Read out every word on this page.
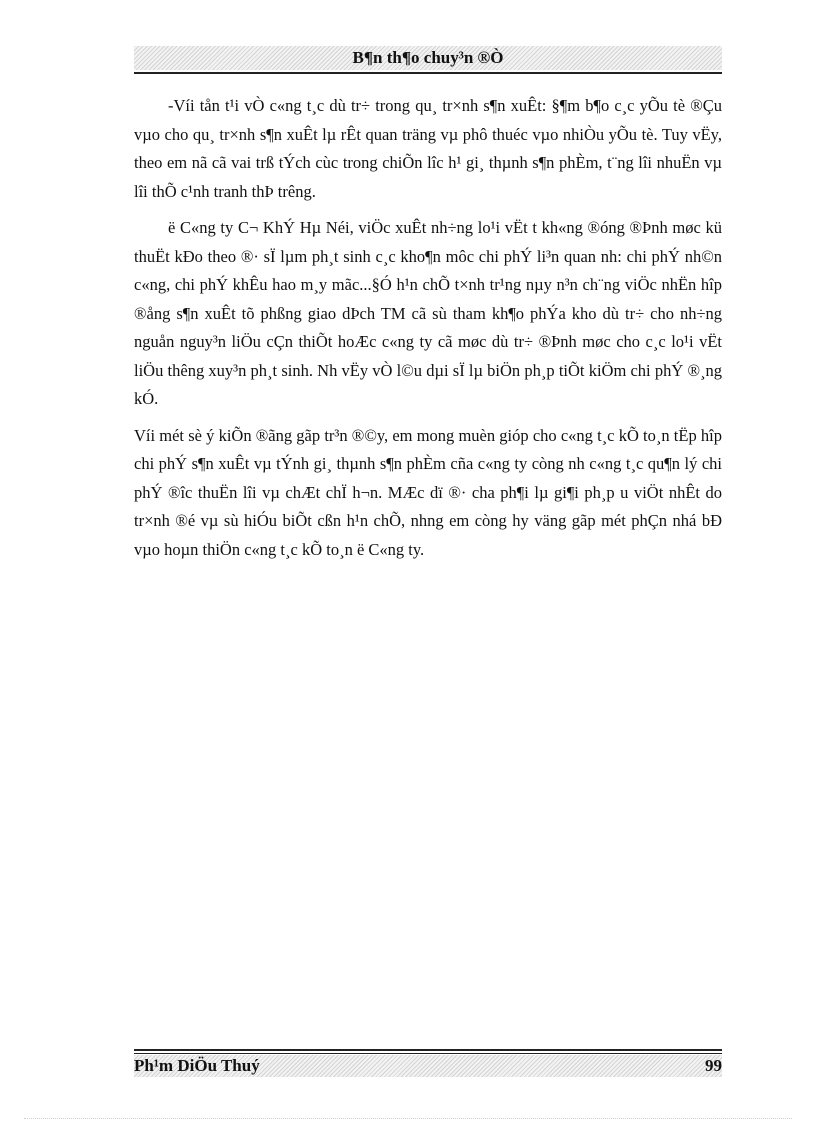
B¶n th¶o chuy³n ®Ò

-Víi tån t¹i vÒ c«ng t¸c dù tr÷ trong qu¸ tr×nh s¶n xuÊt: §¶m b¶o c¸c yÕu tè ®Çu vµo cho qu¸ tr×nh s¶n xuÊt lµ rÊt quan träng vµ phô thuéc vµo nhiÒu yÕu tè. Tuy vËy, theo em nã cã vai trß tÝch cùc trong chiÕn lîc h¹ gi¸ thµnh s¶n phÈm, t¨ng lîi nhuËn vµ lîi thÕ c¹nh tranh thÞ trêng.

ë C«ng ty C¬ KhÝ Hµ Néi, viÖc xuÊt nh÷ng lo¹i vËt t kh«ng ®óng ®Þnh møc kü thuËt kÐo theo ®· sÏ lµm ph¸t sinh c¸c kho¶n môc chi phÝ li³n quan nh: chi phÝ nh©n c«ng, chi phÝ khÊu hao m¸y mãc...§Ó h¹n chÕ t×nh tr¹ng nµy n³n ch¨ng viÖc nhËn hîp ®ång s¶n xuÊt tõ phßng giao dÞch TM cã sù tham kh¶o phÝa kho dù tr÷ cho nh÷ng nguån nguy³n liÖu cÇn thiÕt hoÆc c«ng ty cã møc dù tr÷ ®Þnh møc cho c¸c lo¹i vËt liÖu thêng xuy³n ph¸t sinh. Nh vËy vÒ l©u dµi sÏ lµ biÖn ph¸p tiÕt kiÖm chi phÝ ®¸ng kÓ.

Víi mét sè ý kiÕn ®ãng gãp tr³n ®©y, em mong muèn gióp cho c«ng t¸c kÕ to¸n tËp hîp chi phÝ s¶n xuÊt vµ tÝnh gi¸ thµnh s¶n phÈm cña c«ng ty còng nh c«ng t¸c qu¶n lý chi phÝ ®îc thuËn lîi vµ chÆt chÏ h¬n. MÆc dï ®· cha ph¶i lµ gi¶i ph¸p u viÖt nhÊt do tr×nh ®é vµ sù hiÓu biÕt cßn h¹n chÕ, nhng em còng hy väng gãp mét phÇn nhá bÐ vµo hoµn thiÖn c«ng t¸c kÕ to¸n ë C«ng ty.

Ph¹m DiÖu Thuý	99
